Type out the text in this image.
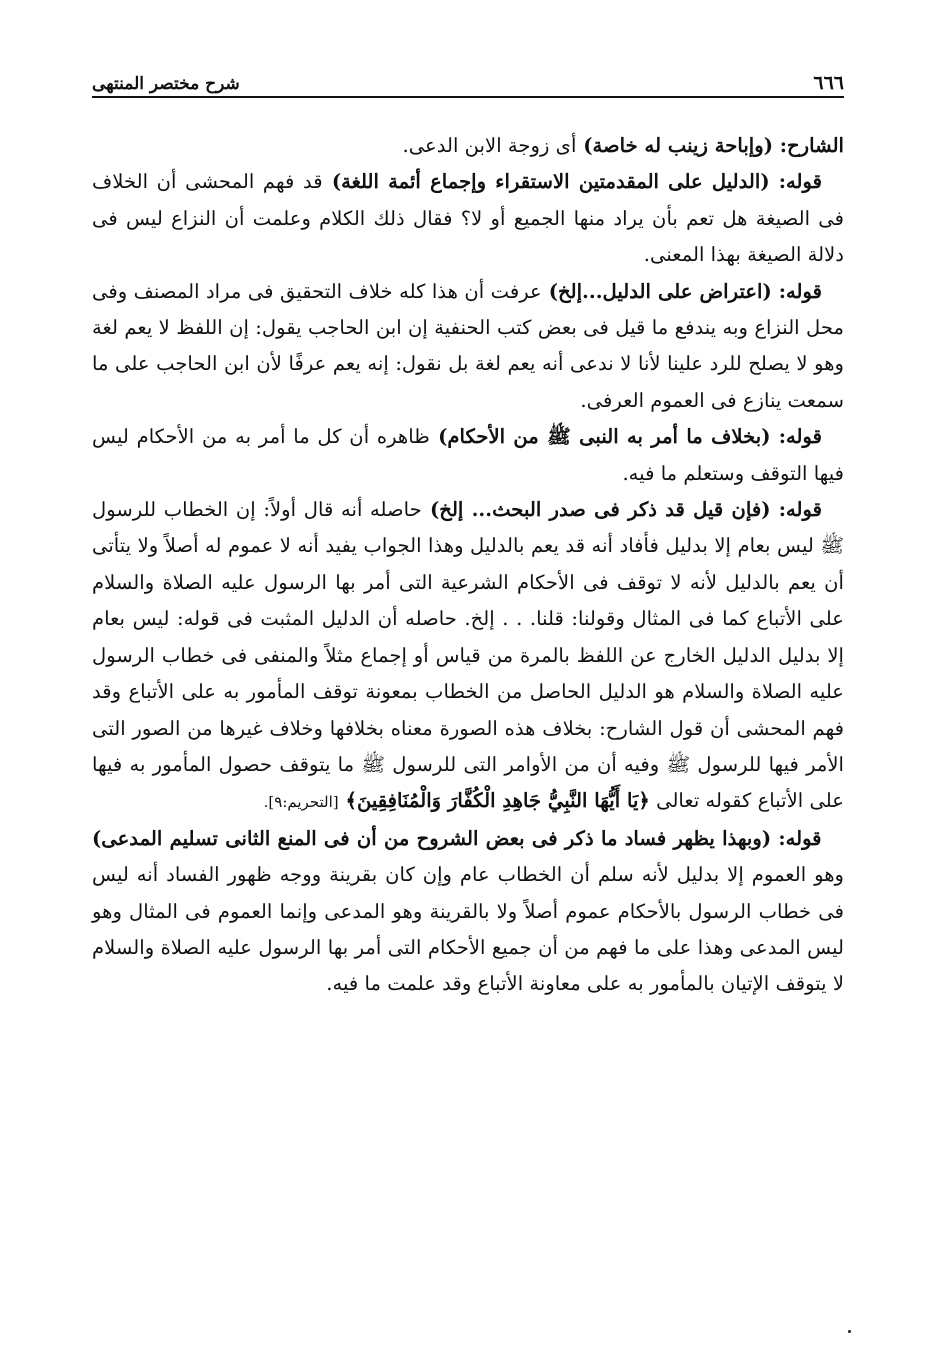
٦٦٦
شرح مختصر المنتهى

الشارح: (وإباحة زينب له خاصة) أى زوجة الابن الدعى.

قوله: (الدليل على المقدمتين الاستقراء وإجماع أئمة اللغة) قد فهم المحشى أن الخلاف فى الصيغة هل تعم بأن يراد منها الجميع أو لا؟ فقال ذلك الكلام وعلمت أن النزاع ليس فى دلالة الصيغة بهذا المعنى.

قوله: (اعتراض على الدليل...إلخ) عرفت أن هذا كله خلاف التحقيق فى مراد المصنف وفى محل النزاع وبه يندفع ما قيل فى بعض كتب الحنفية إن ابن الحاجب يقول: إن اللفظ لا يعم لغة وهو لا يصلح للرد علينا لأنا لا ندعى أنه يعم لغة بل نقول: إنه يعم عرفًا لأن ابن الحاجب على ما سمعت ينازع فى العموم العرفى.

قوله: (بخلاف ما أمر به النبى ﷺ من الأحكام) ظاهره أن كل ما أمر به من الأحكام ليس فيها التوقف وستعلم ما فيه.

قوله: (فإن قيل قد ذكر فى صدر البحث... إلخ) حاصله أنه قال أولاً: إن الخطاب للرسول ﷺ ليس بعام إلا بدليل فأفاد أنه قد يعم بالدليل وهذا الجواب يفيد أنه لا عموم له أصلاً ولا يتأتى أن يعم بالدليل لأنه لا توقف فى الأحكام الشرعية التى أمر بها الرسول عليه الصلاة والسلام على الأتباع كما فى المثال وقولنا: قلنا. . . إلخ. حاصله أن الدليل المثبت فى قوله: ليس بعام إلا بدليل الدليل الخارج عن اللفظ بالمرة من قياس أو إجماع مثلاً والمنفى فى خطاب الرسول عليه الصلاة والسلام هو الدليل الحاصل من الخطاب بمعونة توقف المأمور به على الأتباع وقد فهم المحشى أن قول الشارح: بخلاف هذه الصورة معناه بخلافها وخلاف غيرها من الصور التى الأمر فيها للرسول ﷺ وفيه أن من الأوامر التى للرسول ﷺ ما يتوقف حصول المأمور به فيها على الأتباع كقوله تعالى ﴿يَا أَيُّهَا النَّبِيُّ جَاهِدِ الْكُفَّارَ وَالْمُنَافِقِينَ﴾ [التحريم:٩].

قوله: (وبهذا يظهر فساد ما ذكر فى بعض الشروح من أن فى المنع الثانى تسليم المدعى) وهو العموم إلا بدليل لأنه سلم أن الخطاب عام وإن كان بقرينة ووجه ظهور الفساد أنه ليس فى خطاب الرسول بالأحكام عموم أصلاً ولا بالقرينة وهو المدعى وإنما العموم فى المثال وهو ليس المدعى وهذا على ما فهم من أن جميع الأحكام التى أمر بها الرسول عليه الصلاة والسلام لا يتوقف الإتيان بالمأمور به على معاونة الأتباع وقد علمت ما فيه.
